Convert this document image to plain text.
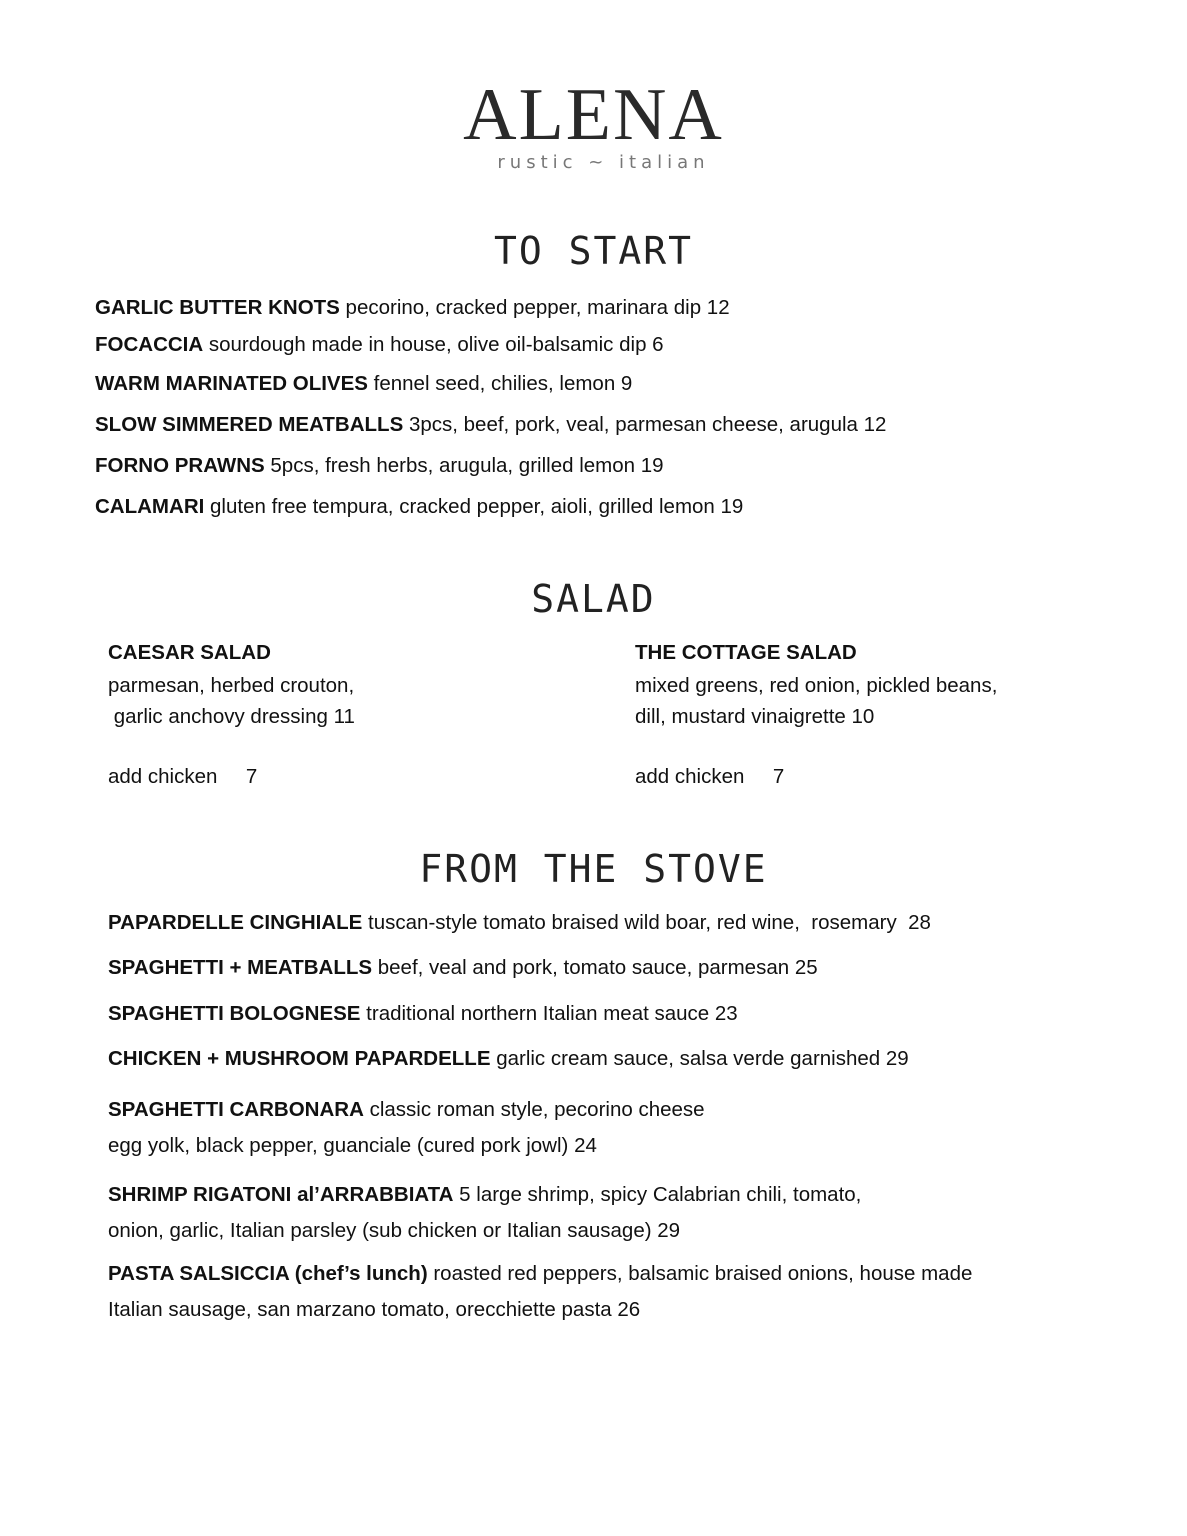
ALENA
rustic ~ italian
TO START
GARLIC BUTTER KNOTS pecorino, cracked pepper, marinara dip 12
FOCACCIA sourdough made in house, olive oil-balsamic dip 6
WARM MARINATED OLIVES fennel seed, chilies, lemon 9
SLOW SIMMERED MEATBALLS 3pcs, beef, pork, veal, parmesan cheese, arugula 12
FORNO PRAWNS 5pcs, fresh herbs, arugula, grilled lemon 19
CALAMARI gluten free tempura, cracked pepper, aioli, grilled lemon 19
SALAD
CAESAR SALAD
parmesan, herbed crouton,
garlic anchovy dressing 11
add chicken     7
THE COTTAGE SALAD
mixed greens, red onion, pickled beans,
dill, mustard vinaigrette 10
add chicken     7
FROM THE STOVE
PAPARDELLE CINGHIALE tuscan-style tomato braised wild boar, red wine,  rosemary  28
SPAGHETTI + MEATBALLS beef, veal and pork, tomato sauce, parmesan 25
SPAGHETTI BOLOGNESE traditional northern Italian meat sauce 23
CHICKEN + MUSHROOM PAPARDELLE garlic cream sauce, salsa verde garnished 29
SPAGHETTI CARBONARA classic roman style, pecorino cheese
egg yolk, black pepper, guanciale (cured pork jowl) 24
SHRIMP RIGATONI al’ARRABBIATA 5 large shrimp, spicy Calabrian chili, tomato,
onion, garlic, Italian parsley (sub chicken or Italian sausage) 29
PASTA SALSICCIA (chef’s lunch) roasted red peppers, balsamic braised onions, house made
Italian sausage, san marzano tomato, orecchiette pasta 26
